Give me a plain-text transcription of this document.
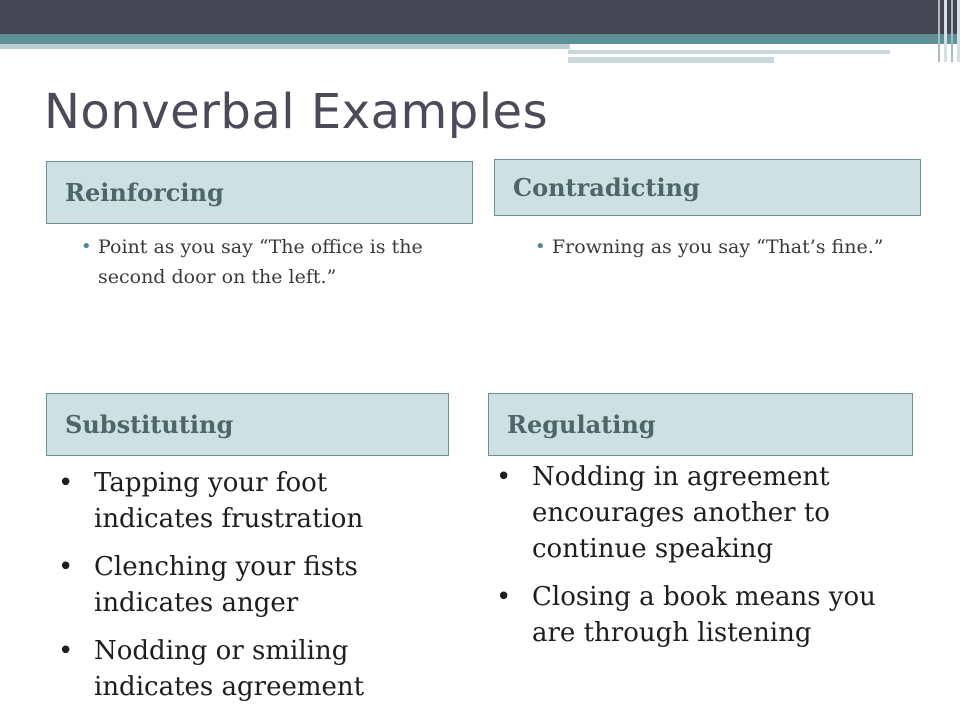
Nonverbal Examples
Reinforcing
• Point as you say “The office is the second door on the left.”
Contradicting
• Frowning as you say “That’s fine.”
Substituting
• Tapping your foot indicates frustration
• Clenching your fists indicates anger
• Nodding or smiling indicates agreement
Regulating
• Nodding in agreement encourages another to continue speaking
• Closing a book means you are through listening
